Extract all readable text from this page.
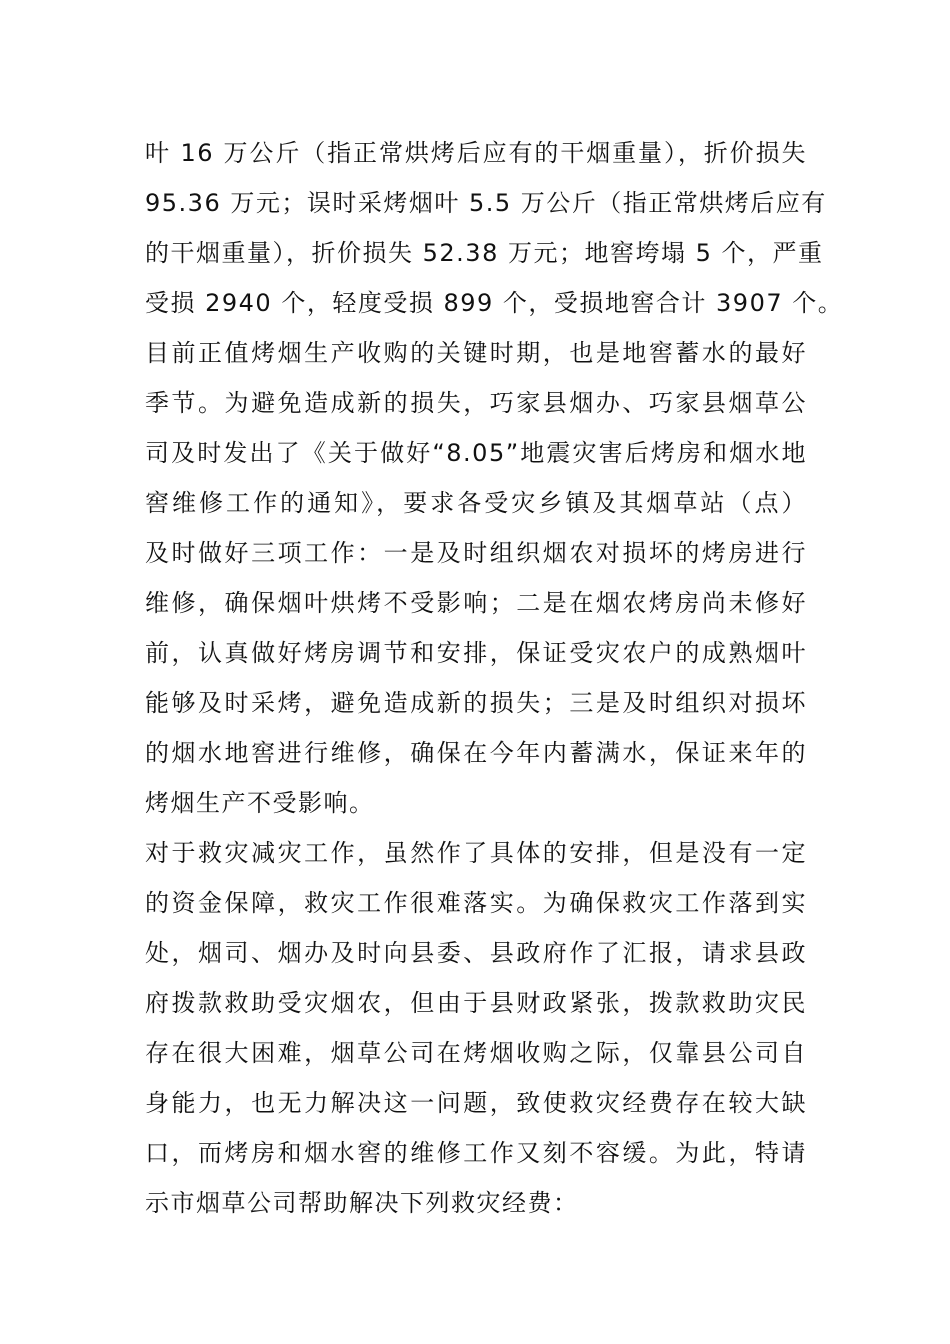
叶 16 万公斤（指正常烘烤后应有的干烟重量），折价损失
95.36 万元；误时采烤烟叶 5.5 万公斤（指正常烘烤后应有
的干烟重量），折价损失 52.38 万元；地窖垮塌 5 个，严重
受损 2940 个，轻度受损 899 个，受损地窖合计 3907 个。
目前正值烤烟生产收购的关键时期，也是地窖蓄水的最好
季节。为避免造成新的损失，巧家县烟办、巧家县烟草公
司及时发出了《关于做好“8.05”地震灾害后烤房和烟水地
窖维修工作的通知》，要求各受灾乡镇及其烟草站（点）
及时做好三项工作：一是及时组织烟农对损坏的烤房进行
维修，确保烟叶烘烤不受影响；二是在烟农烤房尚未修好
前，认真做好烤房调节和安排，保证受灾农户的成熟烟叶
能够及时采烤，避免造成新的损失；三是及时组织对损坏
的烟水地窖进行维修，确保在今年内蓄满水，保证来年的
烤烟生产不受影响。
对于救灾减灾工作，虽然作了具体的安排，但是没有一定
的资金保障，救灾工作很难落实。为确保救灾工作落到实
处，烟司、烟办及时向县委、县政府作了汇报，请求县政
府拨款救助受灾烟农，但由于县财政紧张，拨款救助灾民
存在很大困难，烟草公司在烤烟收购之际，仅靠县公司自
身能力，也无力解决这一问题，致使救灾经费存在较大缺
口，而烤房和烟水窖的维修工作又刻不容缓。为此，特请
示市烟草公司帮助解决下列救灾经费：
